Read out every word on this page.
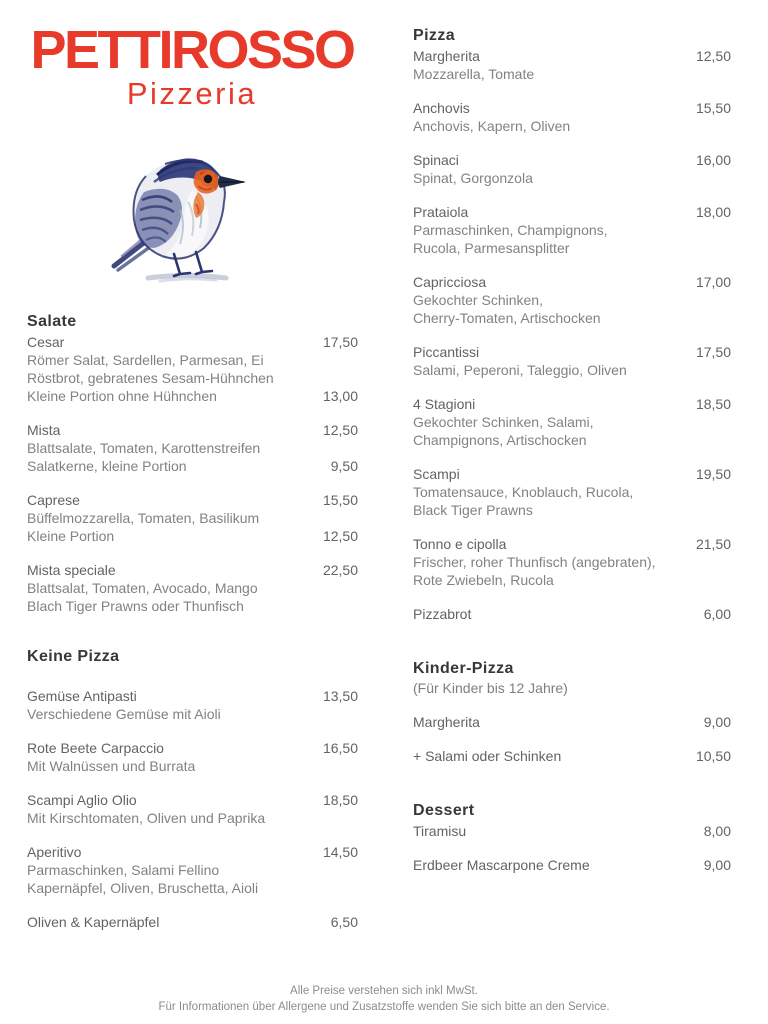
PETTIROSSO
Pizzeria
Salate
Cesar	17,50
Römer Salat, Sardellen, Parmesan, Ei
Röstbrot, gebratenes Sesam-Hühnchen
Kleine Portion ohne Hühnchen	13,00
Mista	12,50
Blattsalate, Tomaten, Karottenstreifen
Salatkerne, kleine Portion	9,50
Caprese	15,50
Büffelmozzarella, Tomaten, Basilikum
Kleine Portion	12,50
Mista speciale	22,50
Blattsalat, Tomaten, Avocado, Mango
Blach Tiger Prawns oder Thunfisch
Keine Pizza
Gemüse Antipasti	13,50
Verschiedene Gemüse mit Aioli
Rote Beete Carpaccio	16,50
Mit Walnüssen und Burrata
Scampi Aglio Olio	18,50
Mit Kirschtomaten, Oliven und Paprika
Aperitivo	14,50
Parmaschinken, Salami Fellino
Kapernäpfel, Oliven, Bruschetta, Aioli
Oliven & Kapernäpfel	6,50
Pizza
Margherita	12,50
Mozzarella, Tomate
Anchovis	15,50
Anchovis, Kapern, Oliven
Spinaci	16,00
Spinat, Gorgonzola
Prataiola	18,00
Parmaschinken, Champignons,
Rucola, Parmesansplitter
Capricciosa	17,00
Gekochter Schinken,
Cherry-Tomaten, Artischocken
Piccantissi	17,50
Salami, Peperoni, Taleggio, Oliven
4 Stagioni	18,50
Gekochter Schinken, Salami,
Champignons, Artischocken
Scampi	19,50
Tomatensauce, Knoblauch, Rucola,
Black Tiger Prawns
Tonno e cipolla	21,50
Frischer, roher Thunfisch (angebraten),
Rote Zwiebeln, Rucola
Pizzabrot	6,00
Kinder-Pizza
(Für Kinder bis 12 Jahre)
Margherita	9,00
+ Salami oder Schinken	10,50
Dessert
Tiramisu	8,00
Erdbeer Mascarpone Creme	9,00
Alle Preise verstehen sich inkl MwSt.
Für Informationen über Allergene und Zusatzstoffe wenden Sie sich bitte an den Service.
